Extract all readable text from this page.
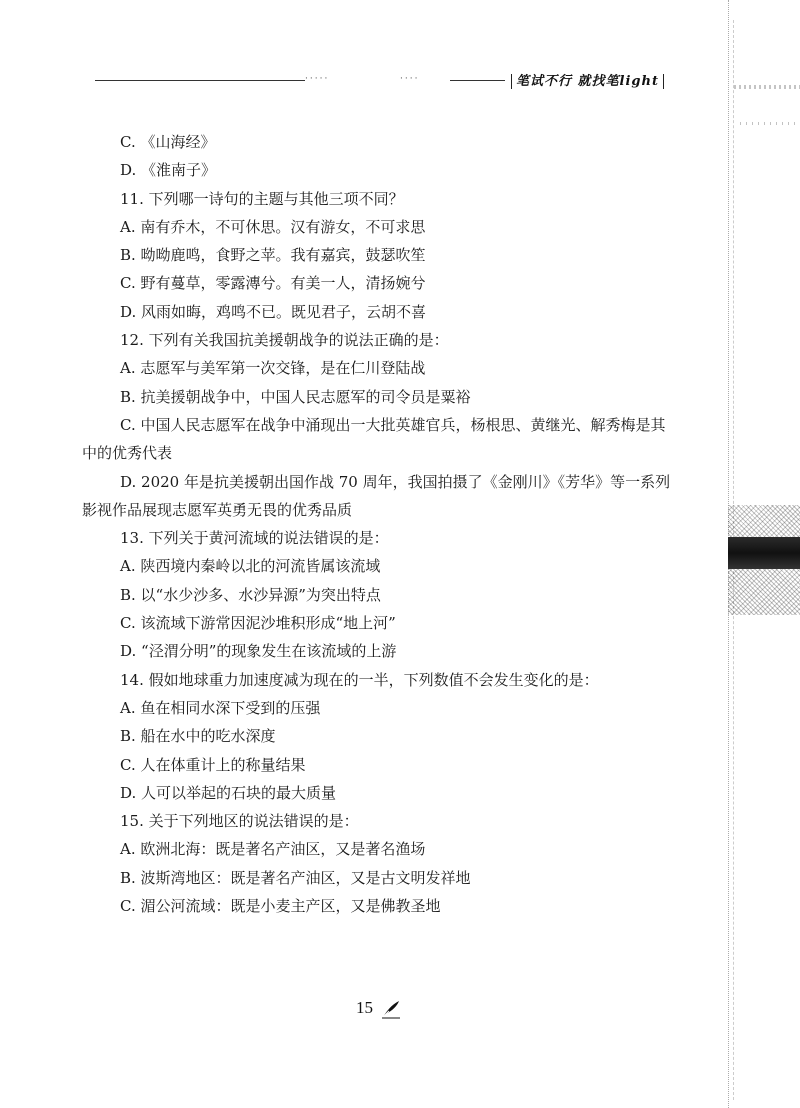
·····	····	笔试不行 就找笔light
C. 《山海经》
D. 《淮南子》
11. 下列哪一诗句的主题与其他三项不同？
A. 南有乔木，不可休思。汉有游女，不可求思
B. 呦呦鹿鸣，食野之苹。我有嘉宾，鼓瑟吹笙
C. 野有蔓草，零露漙兮。有美一人，清扬婉兮
D. 风雨如晦，鸡鸣不已。既见君子，云胡不喜
12. 下列有关我国抗美援朝战争的说法正确的是：
A. 志愿军与美军第一次交锋，是在仁川登陆战
B. 抗美援朝战争中，中国人民志愿军的司令员是粟裕
C. 中国人民志愿军在战争中涌现出一大批英雄官兵，杨根思、黄继光、解秀梅是其中的优秀代表
D. 2020 年是抗美援朝出国作战 70 周年，我国拍摄了《金刚川》《芳华》等一系列影视作品展现志愿军英勇无畏的优秀品质
13. 下列关于黄河流域的说法错误的是：
A. 陕西境内秦岭以北的河流皆属该流域
B. 以“水少沙多、水沙异源”为突出特点
C. 该流域下游常因泥沙堆积形成“地上河”
D. “泾渭分明”的现象发生在该流域的上游
14. 假如地球重力加速度减为现在的一半，下列数值不会发生变化的是：
A. 鱼在相同水深下受到的压强
B. 船在水中的吃水深度
C. 人在体重计上的称量结果
D. 人可以举起的石块的最大质量
15. 关于下列地区的说法错误的是：
A. 欧洲北海：既是著名产油区，又是著名渔场
B. 波斯湾地区：既是著名产油区，又是古文明发祥地
C. 湄公河流域：既是小麦主产区，又是佛教圣地
15
